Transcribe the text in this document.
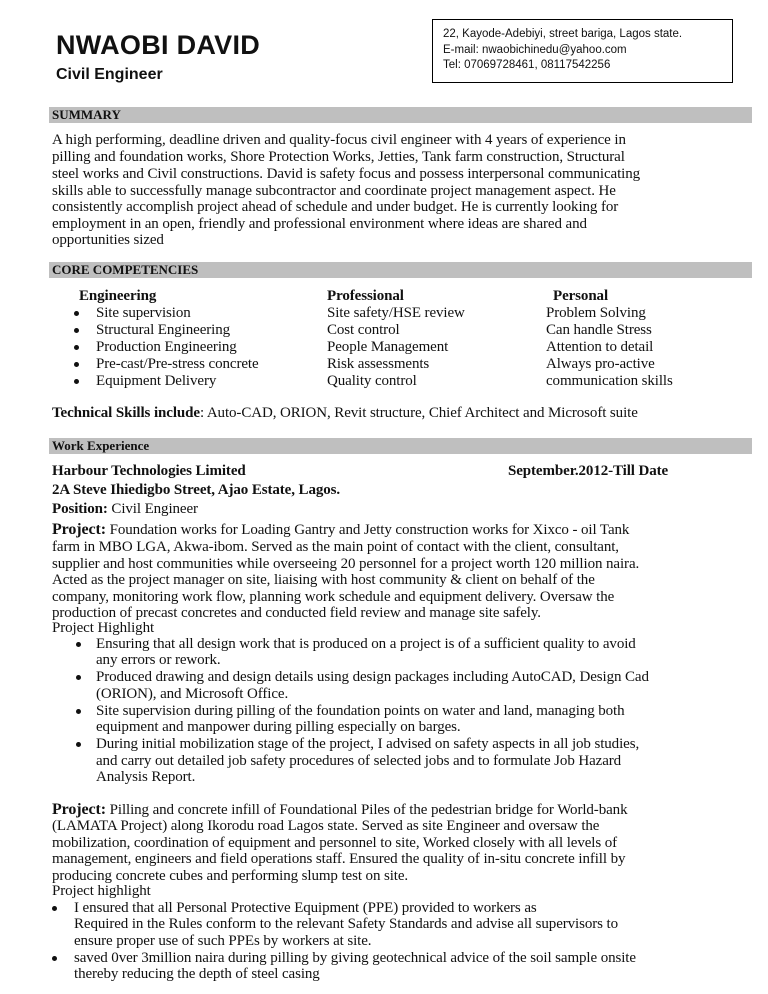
NWAOBI DAVID
Civil Engineer
22, Kayode-Adebiyi, street bariga, Lagos state.
E-mail: nwaobichinedu@yahoo.com
Tel: 07069728461, 08117542256
SUMMARY
CORE COMPETENCIES
Work Experience
A high performing, deadline driven and quality-focus civil engineer with 4 years of experience in
pilling and foundation works, Shore Protection Works, Jetties, Tank farm construction, Structural
steel works and Civil constructions. David is safety focus and possess interpersonal communicating
skills able to successfully manage subcontractor and coordinate project management aspect. He
consistently accomplish project ahead of schedule and under budget. He is currently looking for
employment in an open, friendly and professional environment where ideas are shared and
opportunities sized
Engineering
Site supervision
Structural Engineering
Production Engineering
Pre-cast/Pre-stress concrete
Equipment Delivery
Professional
Site safety/HSE review
Cost control
People Management
Risk assessments
Quality control
Personal
Problem Solving
Can handle Stress
Attention to detail
Always pro-active
communication skills
Technical Skills include: Auto-CAD, ORION, Revit structure, Chief Architect and Microsoft suite
Harbour Technologies Limited	September.2012-Till Date
2A Steve Ihiedigbo Street, Ajao Estate, Lagos.
Position: Civil Engineer
Project: Foundation works for Loading Gantry and Jetty construction works for Xixco - oil Tank
farm in MBO LGA, Akwa-ibom. Served as the main point of contact with the client, consultant,
supplier and host communities while overseeing 20 personnel for a project worth 120 million naira.
Acted as the project manager on site, liaising with host community & client on behalf of the
company, monitoring work flow, planning work schedule and equipment delivery. Oversaw the
production of precast concretes and conducted field review and manage site safely.
Project Highlight
Ensuring that all design work that is produced on a project is of a sufficient quality to avoid
any errors or rework.
Produced drawing and design details using design packages including AutoCAD, Design Cad
(ORION), and Microsoft Office.
Site supervision during pilling of the foundation points on water and land, managing both
equipment and manpower during pilling especially on barges.
During initial mobilization stage of the project, I advised on safety aspects in all job studies,
and carry out detailed job safety procedures of selected jobs and to formulate Job Hazard
Analysis Report.
Project: Pilling and concrete infill of Foundational Piles of the pedestrian bridge for World-bank
(LAMATA Project) along Ikorodu road Lagos state. Served as site Engineer and oversaw the
mobilization, coordination of equipment and personnel to site, Worked closely with all levels of
management, engineers and field operations staff. Ensured the quality of in-situ concrete infill by
producing concrete cubes and performing slump test on site.
Project highlight
I ensured that all Personal Protective Equipment (PPE) provided to workers as
Required in the Rules conform to the relevant Safety Standards and advise all supervisors to
ensure proper use of such PPEs by workers at site.
saved 0ver 3million naira during pilling by giving geotechnical advice of the soil sample onsite
thereby reducing the depth of steel casing
